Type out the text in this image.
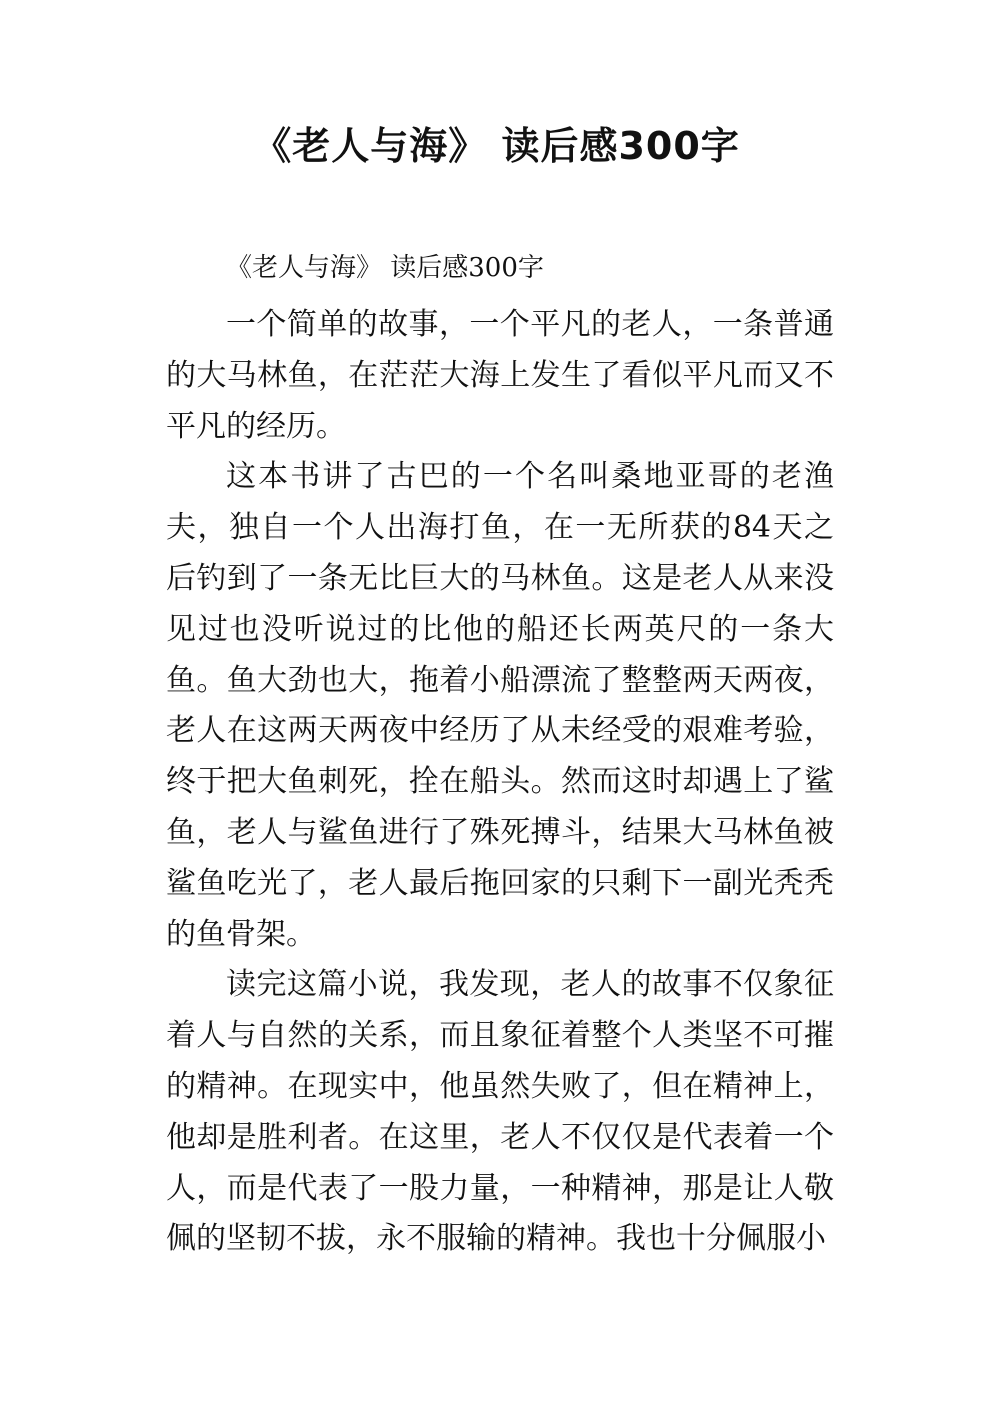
《老人与海》 读后感300字

《老人与海》 读后感300字

一个简单的故事，一个平凡的老人，一条普通的大马林鱼，在茫茫大海上发生了看似平凡而又不平凡的经历。

这本书讲了古巴的一个名叫桑地亚哥的老渔夫，独自一个人出海打鱼，在一无所获的84天之后钓到了一条无比巨大的马林鱼。这是老人从来没见过也没听说过的比他的船还长两英尺的一条大鱼。鱼大劲也大，拖着小船漂流了整整两天两夜，老人在这两天两夜中经历了从未经受的艰难考验，终于把大鱼刺死，拴在船头。然而这时却遇上了鲨鱼，老人与鲨鱼进行了殊死搏斗，结果大马林鱼被鲨鱼吃光了，老人最后拖回家的只剩下一副光秃秃的鱼骨架。

读完这篇小说，我发现，老人的故事不仅象征着人与自然的关系，而且象征着整个人类坚不可摧的精神。在现实中，他虽然失败了，但在精神上，他却是胜利者。在这里，老人不仅仅是代表着一个人，而是代表了一股力量，一种精神，那是让人敬佩的坚韧不拔，永不服输的精神。我也十分佩服小
